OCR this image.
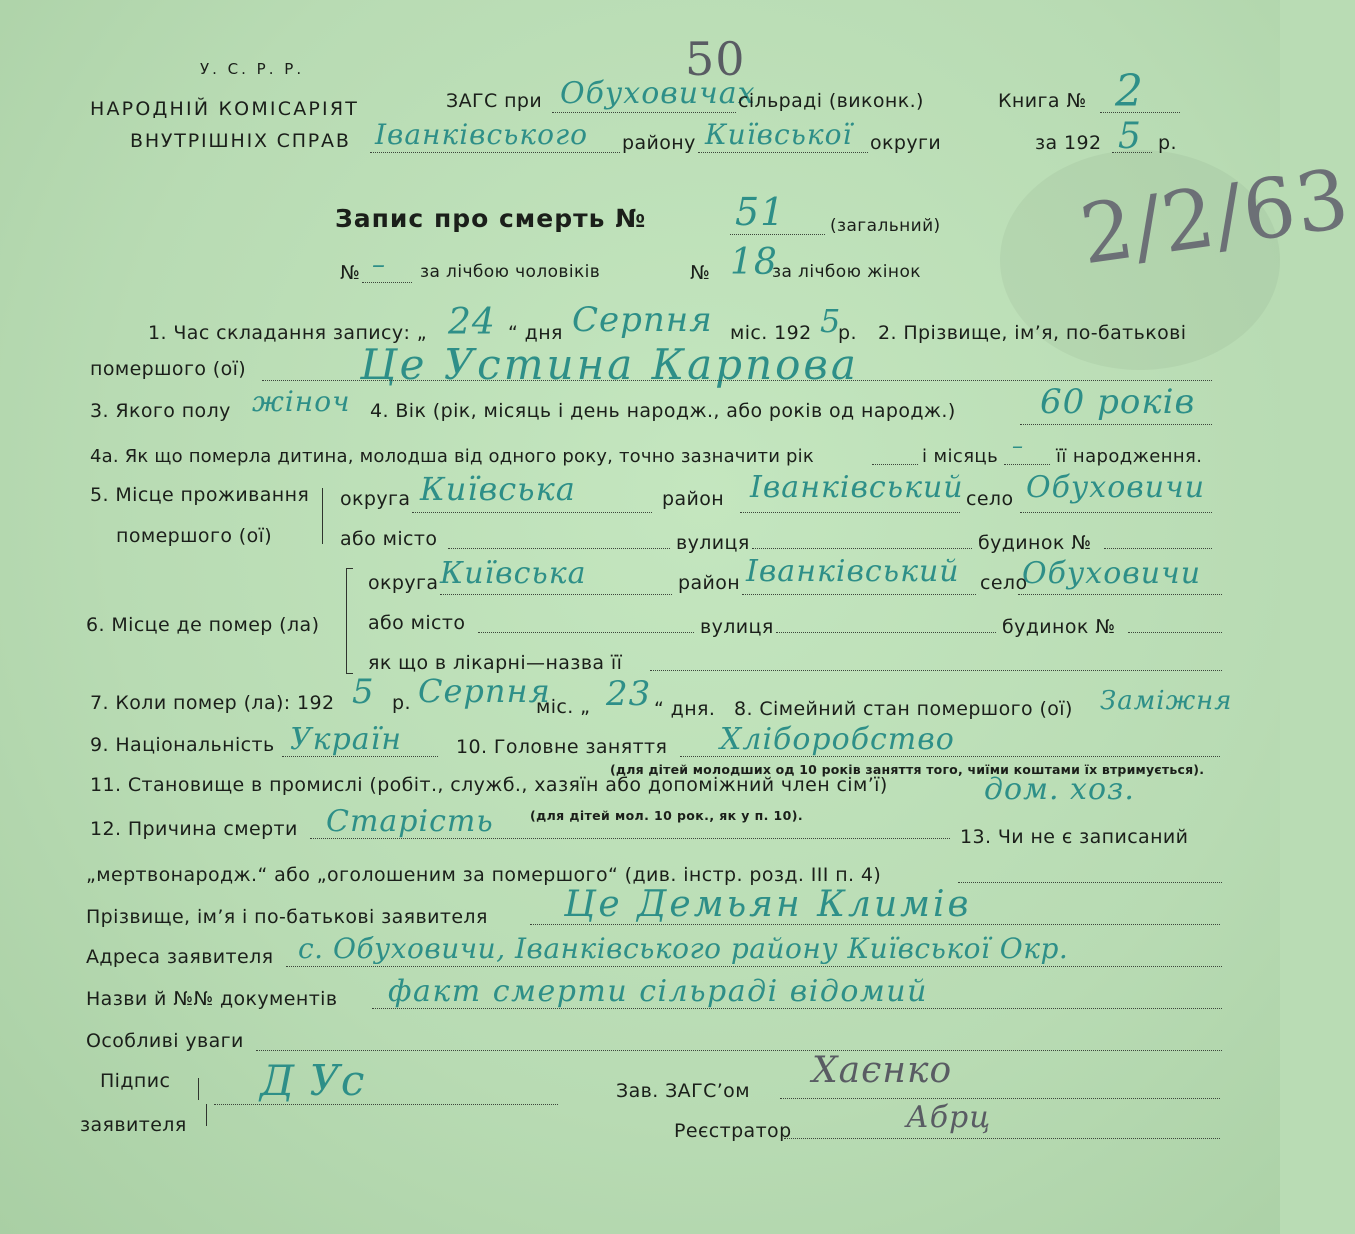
У. С. Р. Р.
НАРОДНІЙ КОМІСАРІЯТ
ВНУТРІШНІХ СПРАВ
ЗАГС при Обуховичах
сільраді (виконк.)
50
Іванківського району Київської округи
Книга № 2
за 192 5 р.
Запис про смерть № 51	(загальний)
№ – за лічбою чоловіків	№ 18
за лічбою жінок 2/2/63
1. Час складання запису: „ 24 “ дня Серпня міс. 192 5
р. 2. Прізвище, ім’я, по-батькові
помершого (ої)	Це Устина Карпова
3. Якого полу жіноч 4. Вік (рік, місяць і день народж., або років од народж.) 60 років
4а. Як що померла дитина, молодша від одного року, точно зазначити рік	і місяць – її народження.
5. Місце проживання
помершого (ої)
округа Київська	район Іванківський село Обуховичи
або місто	вулиця	будинок №
6. Місце де помер (ла)
округа Київська	район Іванківський село
Обуховичи
або місто	вулиця	будинок №
як що в лікарні—назва її
7. Коли помер (ла): 192 5 р. Серпня
міс. „ 23 “ дня. 8. Сімейний стан помершого (ої) Заміжня
9. Національність Україн	10. Головне заняття Хліборобство
(для дітей молодших од 10 років заняття того, чиїми коштами їх втримується).
11. Становище в промислі (робіт., служб., хазяїн або допоміжний член сім’ї)	дом. хоз.
(для дітей мол. 10 рок., як у п. 10).
12. Причина смерти Старість	13. Чи не є записаний
„мертвонародж.“ або „оголошеним за помершого“ (див. інстр. розд. III п. 4)
Прізвище, ім’я і по-батькові заявителя Це Демьян Климів
Адреса заявителя с. Обуховичи, Іванківського району Київської Окр.
Назви й №№ документів факт смерти сільраді відомий
Особливі уваги
Підпис
заявителя
Д Ус	Зав. ЗАГС’ом Хаєнко
Реєстратор	Абрц
